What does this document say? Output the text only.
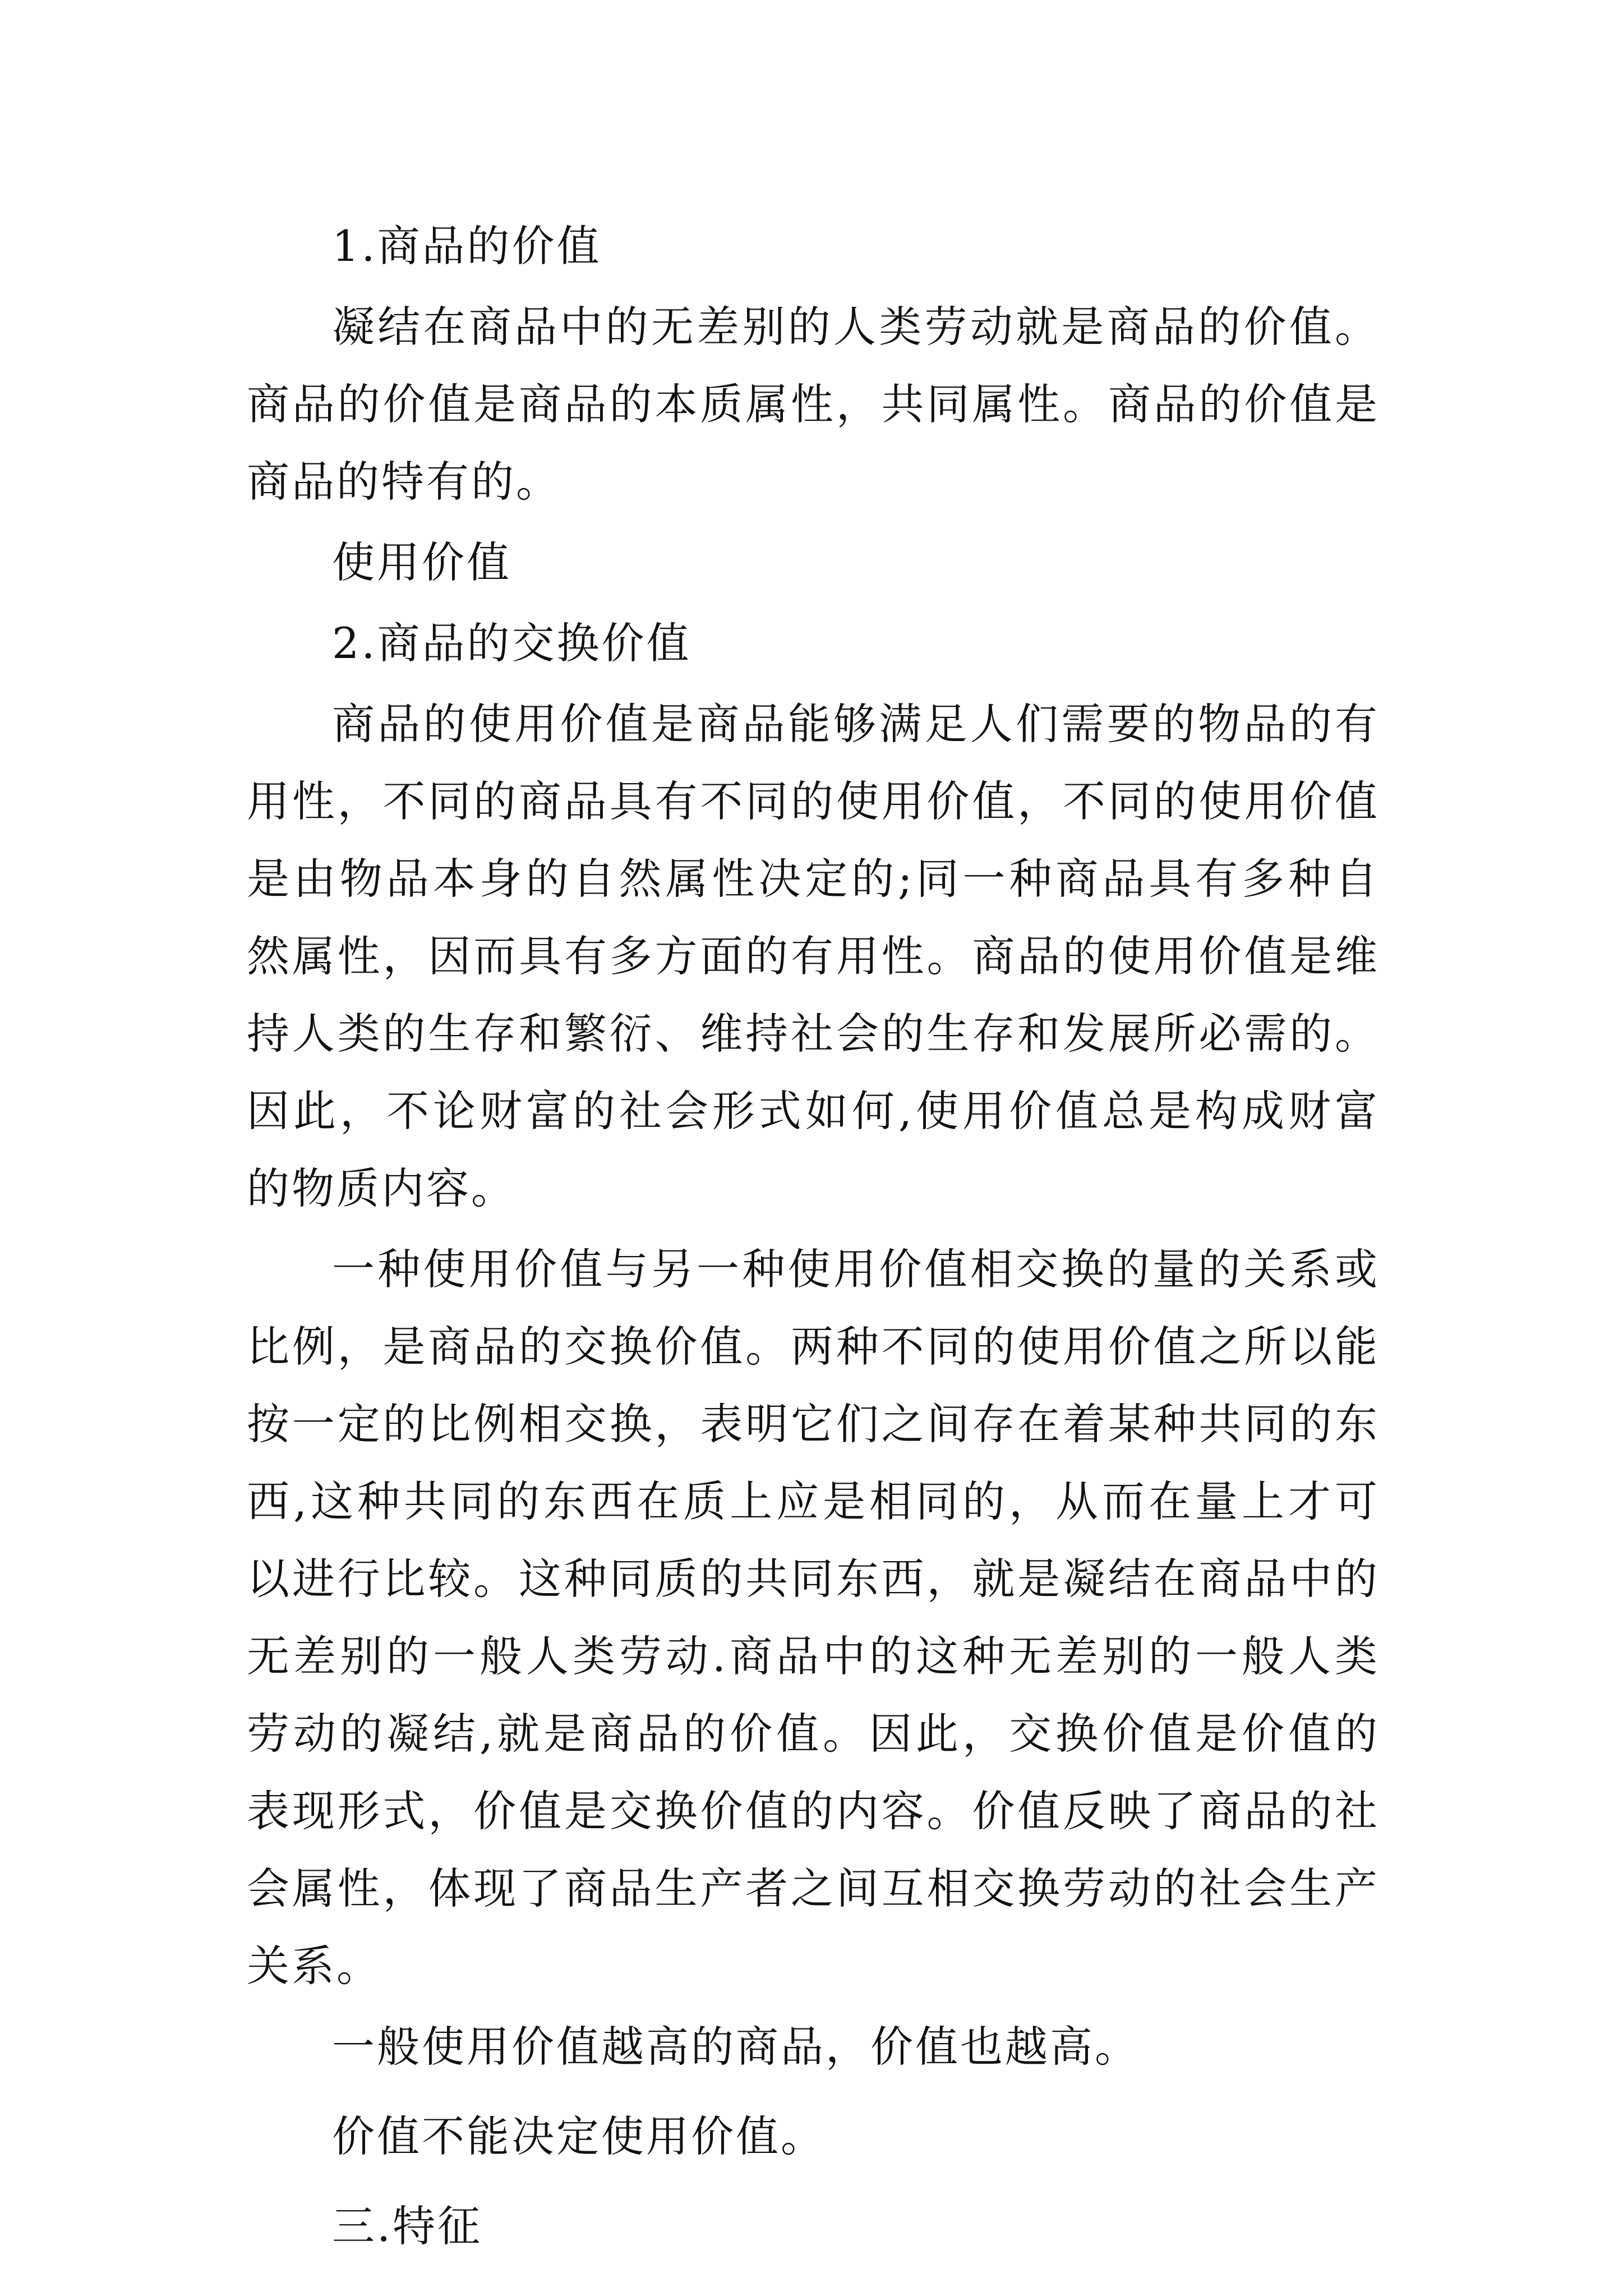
1.商品的价值

凝结在商品中的无差别的人类劳动就是商品的价值。商品的价值是商品的本质属性，共同属性。商品的价值是商品的特有的。

使用价值

2.商品的交换价值

商品的使用价值是商品能够满足人们需要的物品的有用性，不同的商品具有不同的使用价值，不同的使用价值是由物品本身的自然属性决定的;同一种商品具有多种自然属性，因而具有多方面的有用性。商品的使用价值是维持人类的生存和繁衍、维持社会的生存和发展所必需的。因此，不论财富的社会形式如何,使用价值总是构成财富的物质内容。

一种使用价值与另一种使用价值相交换的量的关系或比例，是商品的交换价值。两种不同的使用价值之所以能按一定的比例相交换，表明它们之间存在着某种共同的东西,这种共同的东西在质上应是相同的，从而在量上才可以进行比较。这种同质的共同东西，就是凝结在商品中的无差别的一般人类劳动.商品中的这种无差别的一般人类劳动的凝结,就是商品的价值。因此，交换价值是价值的表现形式，价值是交换价值的内容。价值反映了商品的社会属性，体现了商品生产者之间互相交换劳动的社会生产关系。

一般使用价值越高的商品，价值也越高。

价值不能决定使用价值。

三.特征
